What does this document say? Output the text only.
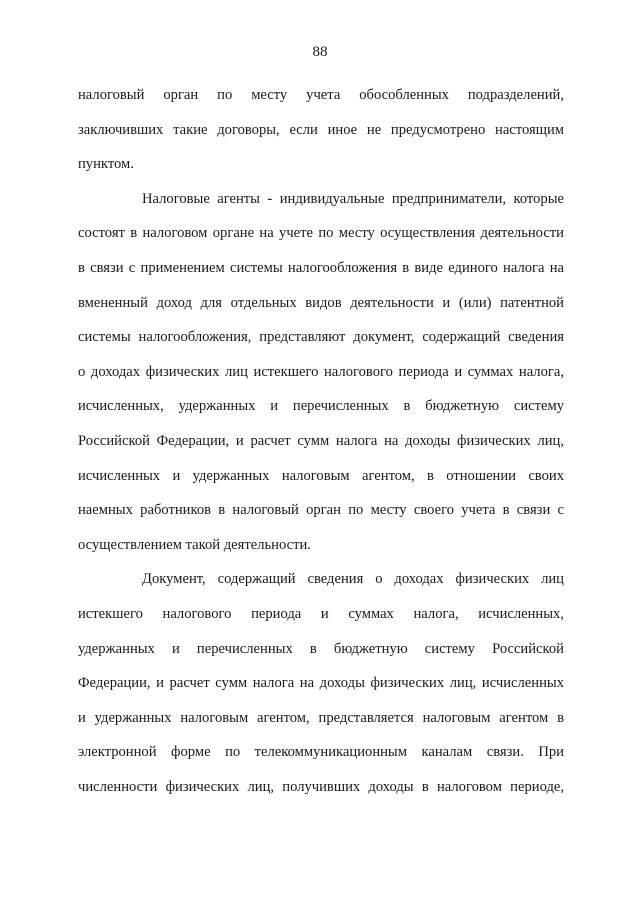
88
налоговый орган по месту учета обособленных подразделений,
заключивших такие договоры, если иное не предусмотрено настоящим
пунктом.
Налоговые агенты - индивидуальные предприниматели, которые
состоят в налоговом органе на учете по месту осуществления деятельности
в связи с применением системы налогообложения в виде единого налога на
вмененный доход для отдельных видов деятельности и (или) патентной
системы налогообложения, представляют документ, содержащий сведения
о доходах физических лиц истекшего налогового периода и суммах налога,
исчисленных, удержанных и перечисленных в бюджетную систему
Российской Федерации, и расчет сумм налога на доходы физических лиц,
исчисленных и удержанных налоговым агентом, в отношении своих
наемных работников в налоговый орган по месту своего учета в связи с
осуществлением такой деятельности.
Документ, содержащий сведения о доходах физических лиц
истекшего налогового периода и суммах налога, исчисленных,
удержанных и перечисленных в бюджетную систему Российской
Федерации, и расчет сумм налога на доходы физических лиц, исчисленных
и удержанных налоговым агентом, представляется налоговым агентом в
электронной форме по телекоммуникационным каналам связи. При
численности физических лиц, получивших доходы в налоговом периоде,
